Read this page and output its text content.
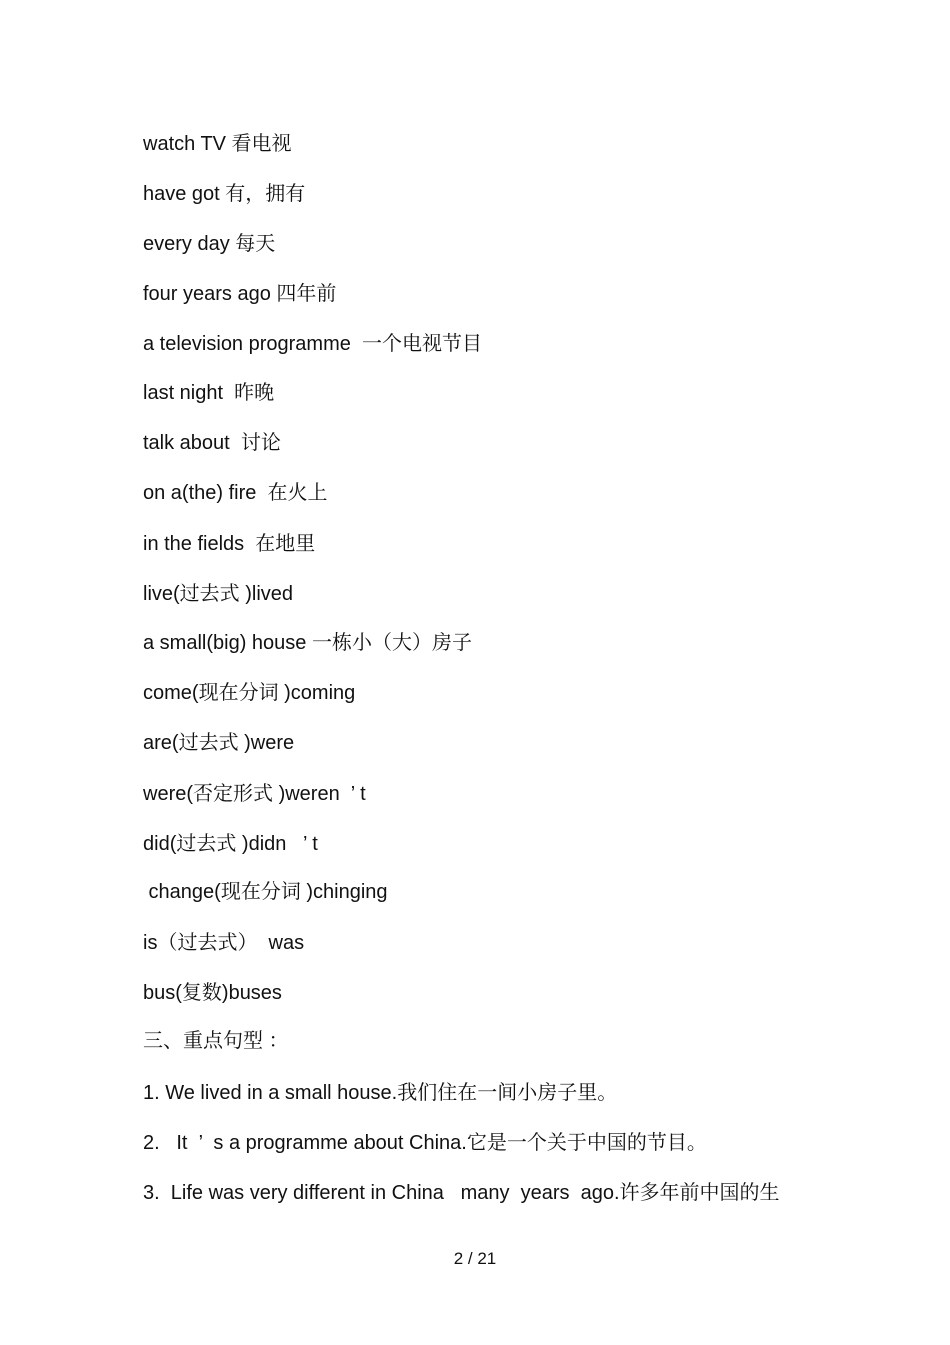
watch TV 看电视
have got 有，拥有
every day 每天
four years ago 四年前
a television programme  一个电视节目
last night  昨晚
talk about  讨论
on a(the) fire  在火上
in the fields  在地里
live(过去式 )lived
a small(big) house 一栋小（大）房子
come(现在分词 )coming
are(过去式 )were
were(否定形式 )weren  ’ t
did(过去式 )didn   ’ t
change(现在分词 )chinging
is（过去式）  was
bus(复数)buses
三、重点句型 ：
1. We lived in a small house.我们住在一间小房子里。
2.   It  ’  s a programme about China.它是一个关于中国的节目。
3.  Life was very different in China   many  years  ago.许多年前中国的生
2 / 21
